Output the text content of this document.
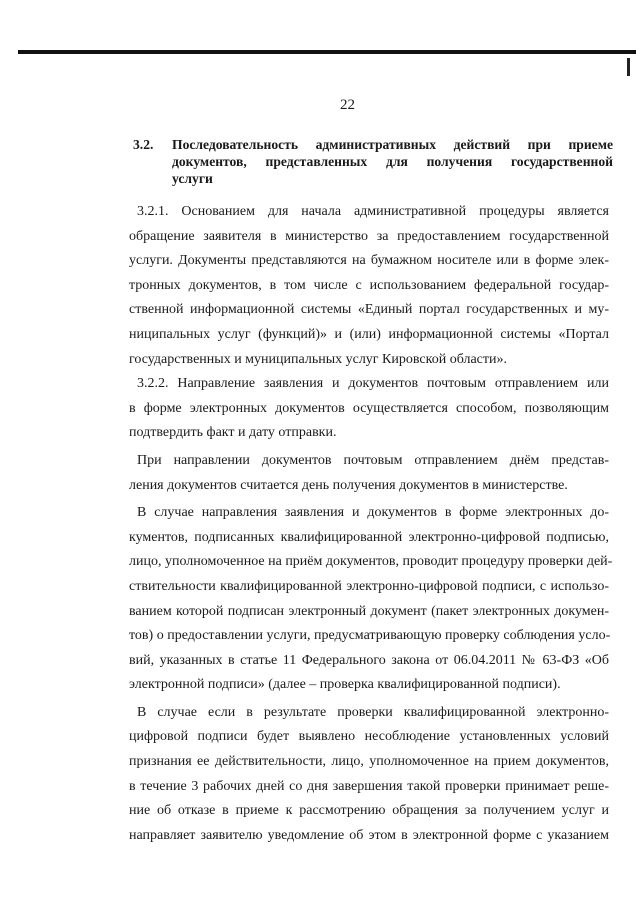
22
3.2. Последовательность административных действий при приеме
документов, представленных для получения государственной
услуги

3.2.1. Основанием для начала административной процедуры является
обращение заявителя в министерство за предоставлением государственной
услуги. Документы представляются на бумажном носителе или в форме элек-
тронных документов, в том числе с использованием федеральной государ-
ственной информационной системы «Единый портал государственных и му-
ниципальных услуг (функций)» и (или) информационной системы «Портал
государственных и муниципальных услуг Кировской области».

3.2.2. Направление заявления и документов почтовым отправлением или
в форме электронных документов осуществляется способом, позволяющим
подтвердить факт и дату отправки.

При направлении документов почтовым отправлением днём представ-
ления документов считается день получения документов в министерстве.

В случае направления заявления и документов в форме электронных до-
кументов, подписанных квалифицированной электронно-цифровой подписью,
лицо, уполномоченное на приём документов, проводит процедуру проверки дей-
ствительности квалифицированной электронно-цифровой подписи, с использо-
ванием которой подписан электронный документ (пакет электронных докумен-
тов) о предоставлении услуги, предусматривающую проверку соблюдения усло-
вий, указанных в статье 11 Федерального закона от 06.04.2011 № 63-ФЗ «Об
электронной подписи» (далее – проверка квалифицированной подписи).

В случае если в результате проверки квалифицированной электронно-
цифровой подписи будет выявлено несоблюдение установленных условий
признания ее действительности, лицо, уполномоченное на прием документов,
в течение 3 рабочих дней со дня завершения такой проверки принимает реше-
ние об отказе в приеме к рассмотрению обращения за получением услуг и
направляет заявителю уведомление об этом в электронной форме с указанием
